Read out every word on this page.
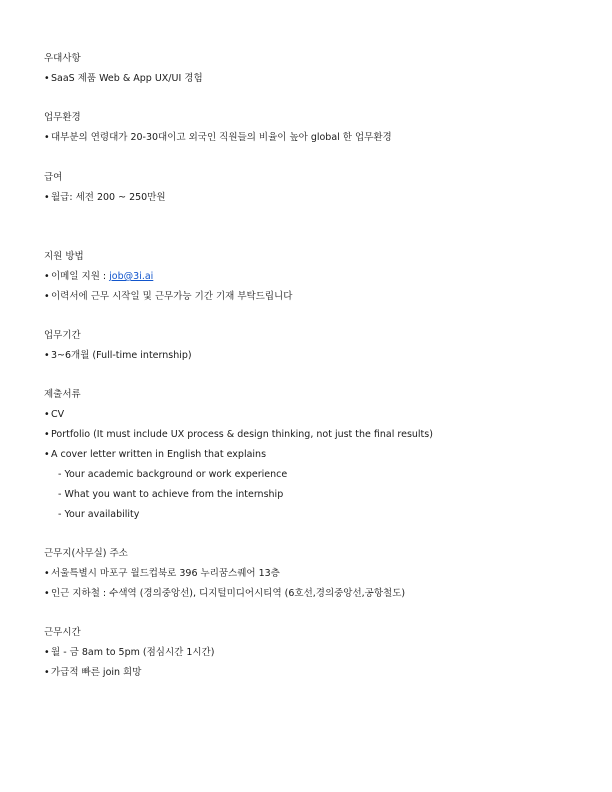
우대사항
•SaaS 제품 Web & App UX/UI 경험
업무환경
•대부분의 연령대가 20-30대이고 외국인 직원들의 비율이 높아 global 한 업무환경
급여
•월급: 세전 200 ~ 250만원
지원 방법
•이메일 지원 : job@3i.ai
•이력서에 근무 시작일 및 근무가능 기간 기재 부탁드립니다
업무기간
•3~6개월 (Full-time internship)
제출서류
•CV
•Portfolio (It must include UX process & design thinking, not just the final results)
•A cover letter written in English that explains
- Your academic background or work experience
- What you want to achieve from the internship
- Your availability
근무지(사무실) 주소
•서울특별시 마포구 월드컵북로 396 누리꿈스퀘어 13층
•인근 지하철 : 수색역 (경의중앙선), 디지털미디어시티역 (6호선,경의중앙선,공항철도)
근무시간
•월 - 금 8am to 5pm (점심시간 1시간)
•가급적 빠른 join 희망
